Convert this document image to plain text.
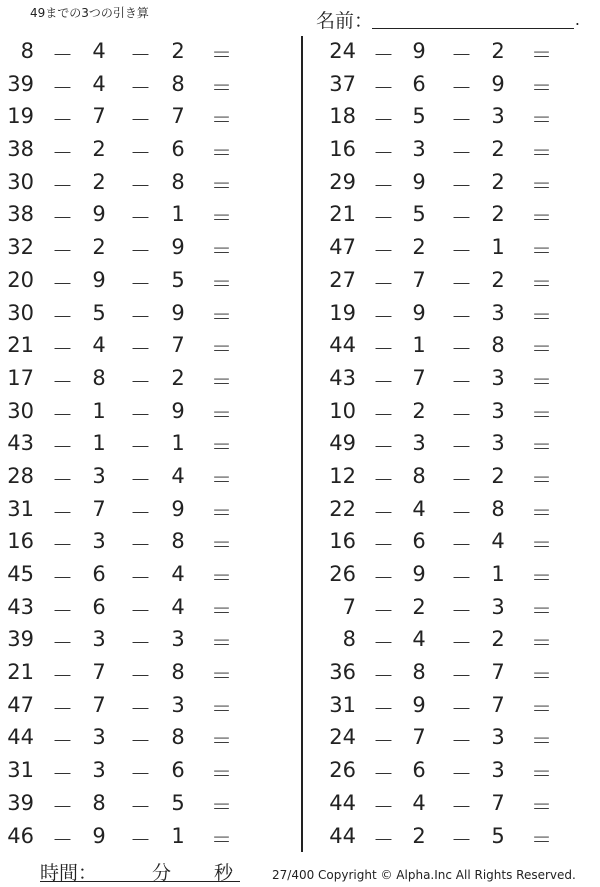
49までの3つの引き算	名前：	.
8 － 4	－ 2	＝
39 － 4	－ 8	＝
19 － 7	－ 7	＝
38 － 2	－ 6	＝
30 － 2	－ 8	＝
38 － 9	－ 1	＝
32 － 2	－ 9	＝
20 － 9	－ 5	＝
30 － 5	－ 9	＝
21 － 4	－ 7	＝
17 － 8	－ 2	＝
30 － 1	－ 9	＝
43 － 1	－ 1	＝
28 － 3	－ 4	＝
31 － 7	－ 9	＝
16 － 3	－ 8	＝
45 － 6	－ 4	＝
43 － 6	－ 4	＝
39 － 3	－ 3	＝
21 － 7	－ 8	＝
47 － 7	－ 3	＝
44 － 3	－ 8	＝
31 － 3	－ 6	＝
39 － 8	－ 5	＝
46 － 9	－ 1	＝
24 － 9	－ 2	＝
37 － 6	－ 9	＝
18 － 5	－ 3	＝
16 － 3	－ 2	＝
29 － 9	－ 2	＝
21 － 5	－ 2	＝
47 － 2	－ 1	＝
27 － 7	－ 2	＝
19 － 9	－ 3	＝
44 － 1	－ 8	＝
43 － 7	－ 3	＝
10 － 2	－ 3	＝
49 － 3	－ 3	＝
12 － 8	－ 2	＝
22 － 4	－ 8	＝
16 － 6	－ 4	＝
26 － 9	－ 1	＝
7 － 2	－ 3	＝
8 － 4	－ 2	＝
36 － 8	－ 7	＝
31 － 9	－ 7	＝
24 － 7	－ 3	＝
26 － 6	－ 3	＝
44 － 4	－ 7	＝
44 － 2	－ 5	＝
時間：	分 秒	27/400 Copyright © Alpha.Inc All Rights Reserved.
